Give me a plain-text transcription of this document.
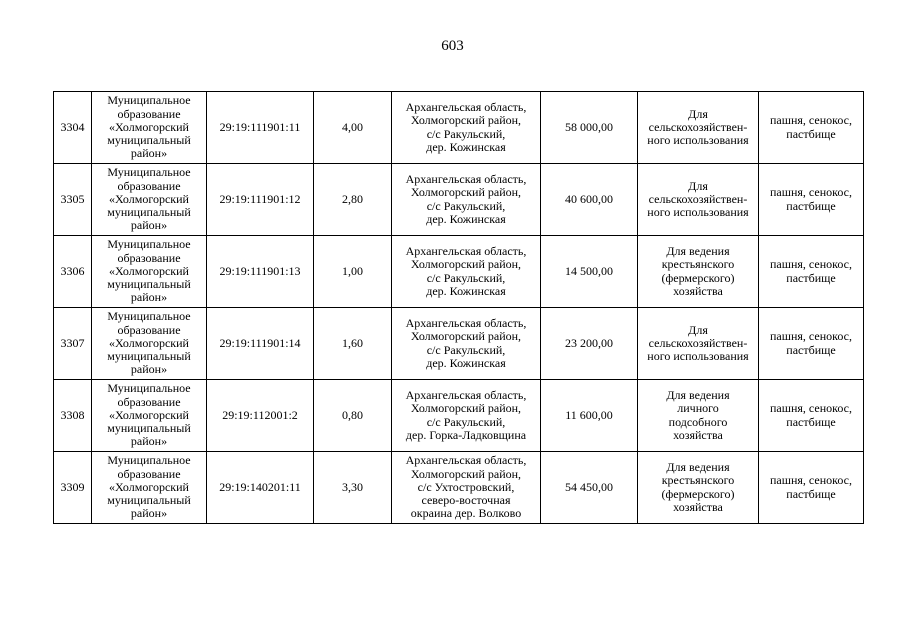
603
3304	Муниципальное
образование
«Холмогорский
муниципальный
район»	29:19:111901:11	4,00	Архангельская область,
Холмогорский район,
с/с Ракульский,
дер. Кожинская	58 000,00	Для
сельскохозяйствен-
ного использования	пашня, сенокос,
пастбище
3305	Муниципальное
образование
«Холмогорский
муниципальный
район»	29:19:111901:12	2,80	Архангельская область,
Холмогорский район,
с/с Ракульский,
дер. Кожинская	40 600,00	Для
сельскохозяйствен-
ного использования	пашня, сенокос,
пастбище
3306	Муниципальное
образование
«Холмогорский
муниципальный
район»	29:19:111901:13	1,00	Архангельская область,
Холмогорский район,
с/с Ракульский,
дер. Кожинская	14 500,00	Для ведения
крестьянского
(фермерского)
хозяйства	пашня, сенокос,
пастбище
3307	Муниципальное
образование
«Холмогорский
муниципальный
район»	29:19:111901:14	1,60	Архангельская область,
Холмогорский район,
с/с Ракульский,
дер. Кожинская	23 200,00	Для
сельскохозяйствен-
ного использования	пашня, сенокос,
пастбище
3308	Муниципальное
образование
«Холмогорский
муниципальный
район»	29:19:112001:2	0,80	Архангельская область,
Холмогорский район,
с/с Ракульский,
дер. Горка-Ладковщина	11 600,00	Для ведения
личного
подсобного
хозяйства	пашня, сенокос,
пастбище
3309	Муниципальное
образование
«Холмогорский
муниципальный
район»	29:19:140201:11	3,30	Архангельская область,
Холмогорский район,
с/с Ухтостровский,
северо-восточная
окраина дер. Волково	54 450,00	Для ведения
крестьянского
(фермерского)
хозяйства	пашня, сенокос,
пастбище
